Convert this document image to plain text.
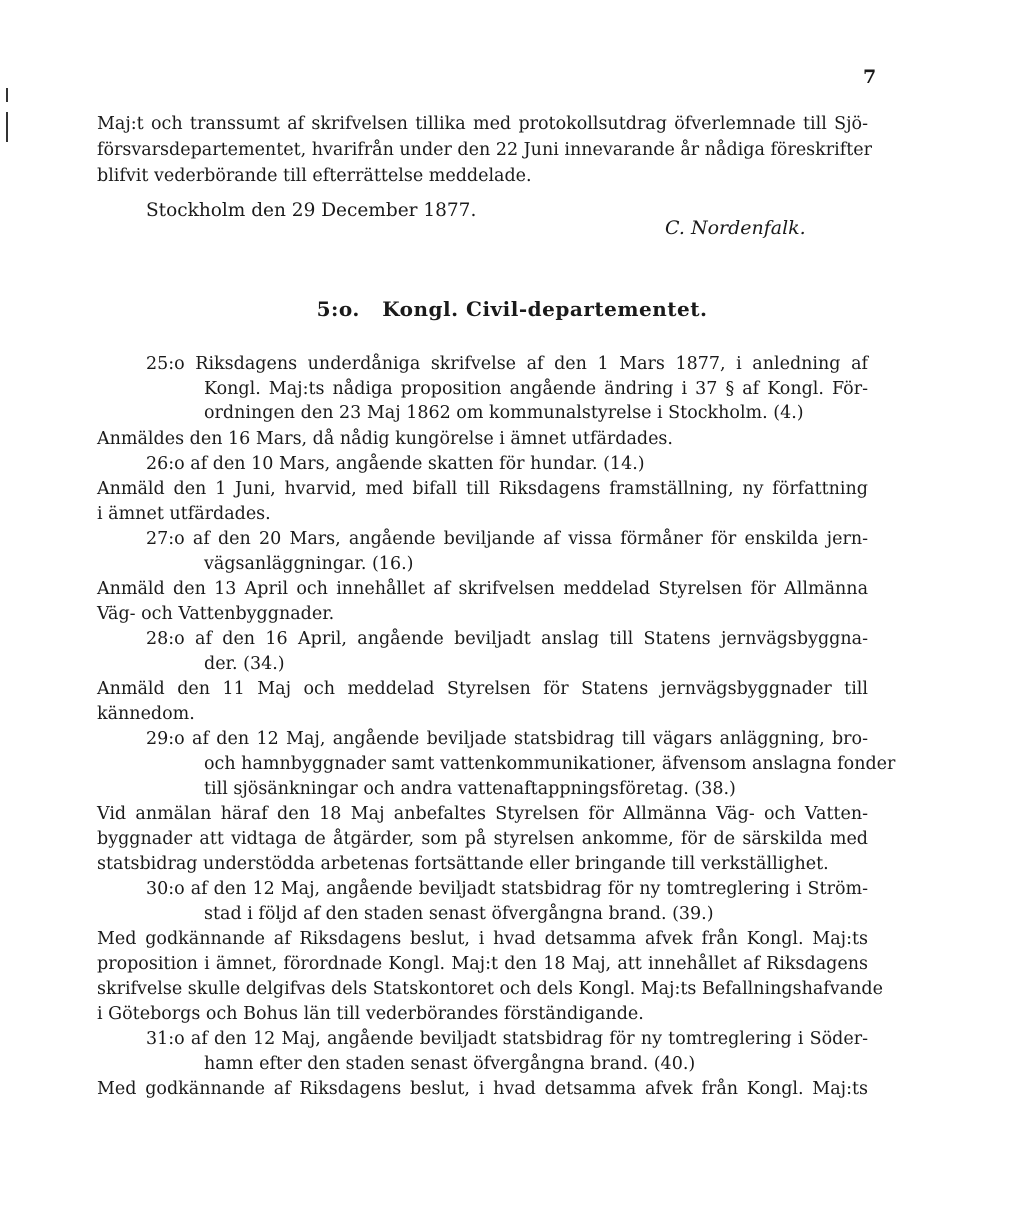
7
Maj:t och transsumt af skrifvelsen tillika med protokollsutdrag öfverlemnade till Sjö-
försvarsdepartementet, hvarifrån under den 22 Juni innevarande år nådiga föreskrifter
blifvit vederbörande till efterrättelse meddelade.
Stockholm den 29 December 1877.
C. Nordenfalk.
5:o. Kongl. Civil-departementet.
25:o Riksdagens underdåniga skrifvelse af den 1 Mars 1877, i anledning af
Kongl. Maj:ts nådiga proposition angående ändring i 37 § af Kongl. För-
ordningen den 23 Maj 1862 om kommunalstyrelse i Stockholm. (4.)
Anmäldes den 16 Mars, då nådig kungörelse i ämnet utfärdades.
26:o af den 10 Mars, angående skatten för hundar. (14.)
Anmäld den 1 Juni, hvarvid, med bifall till Riksdagens framställning, ny författning
i ämnet utfärdades.
27:o af den 20 Mars, angående beviljande af vissa förmåner för enskilda jern-
vägsanläggningar. (16.)
Anmäld den 13 April och innehållet af skrifvelsen meddelad Styrelsen för Allmänna
Väg- och Vattenbyggnader.
28:o af den 16 April, angående beviljadt anslag till Statens jernvägsbyggna-
der. (34.)
Anmäld den 11 Maj och meddelad Styrelsen för Statens jernvägsbyggnader till
kännedom.
29:o af den 12 Maj, angående beviljade statsbidrag till vägars anläggning, bro-
och hamnbyggnader samt vattenkommunikationer, äfvensom anslagna fonder
till sjösänkningar och andra vattenaftappningsföretag. (38.)
Vid anmälan häraf den 18 Maj anbefaltes Styrelsen för Allmänna Väg- och Vatten-
byggnader att vidtaga de åtgärder, som på styrelsen ankomme, för de särskilda med
statsbidrag understödda arbetenas fortsättande eller bringande till verkställighet.
30:o af den 12 Maj, angående beviljadt statsbidrag för ny tomtreglering i Ström-
stad i följd af den staden senast öfvergångna brand. (39.)
Med godkännande af Riksdagens beslut, i hvad detsamma afvek från Kongl. Maj:ts
proposition i ämnet, förordnade Kongl. Maj:t den 18 Maj, att innehållet af Riksdagens
skrifvelse skulle delgifvas dels Statskontoret och dels Kongl. Maj:ts Befallningshafvande
i Göteborgs och Bohus län till vederbörandes förständigande.
31:o af den 12 Maj, angående beviljadt statsbidrag för ny tomtreglering i Söder-
hamn efter den staden senast öfvergångna brand. (40.)
Med godkännande af Riksdagens beslut, i hvad detsamma afvek från Kongl. Maj:ts
